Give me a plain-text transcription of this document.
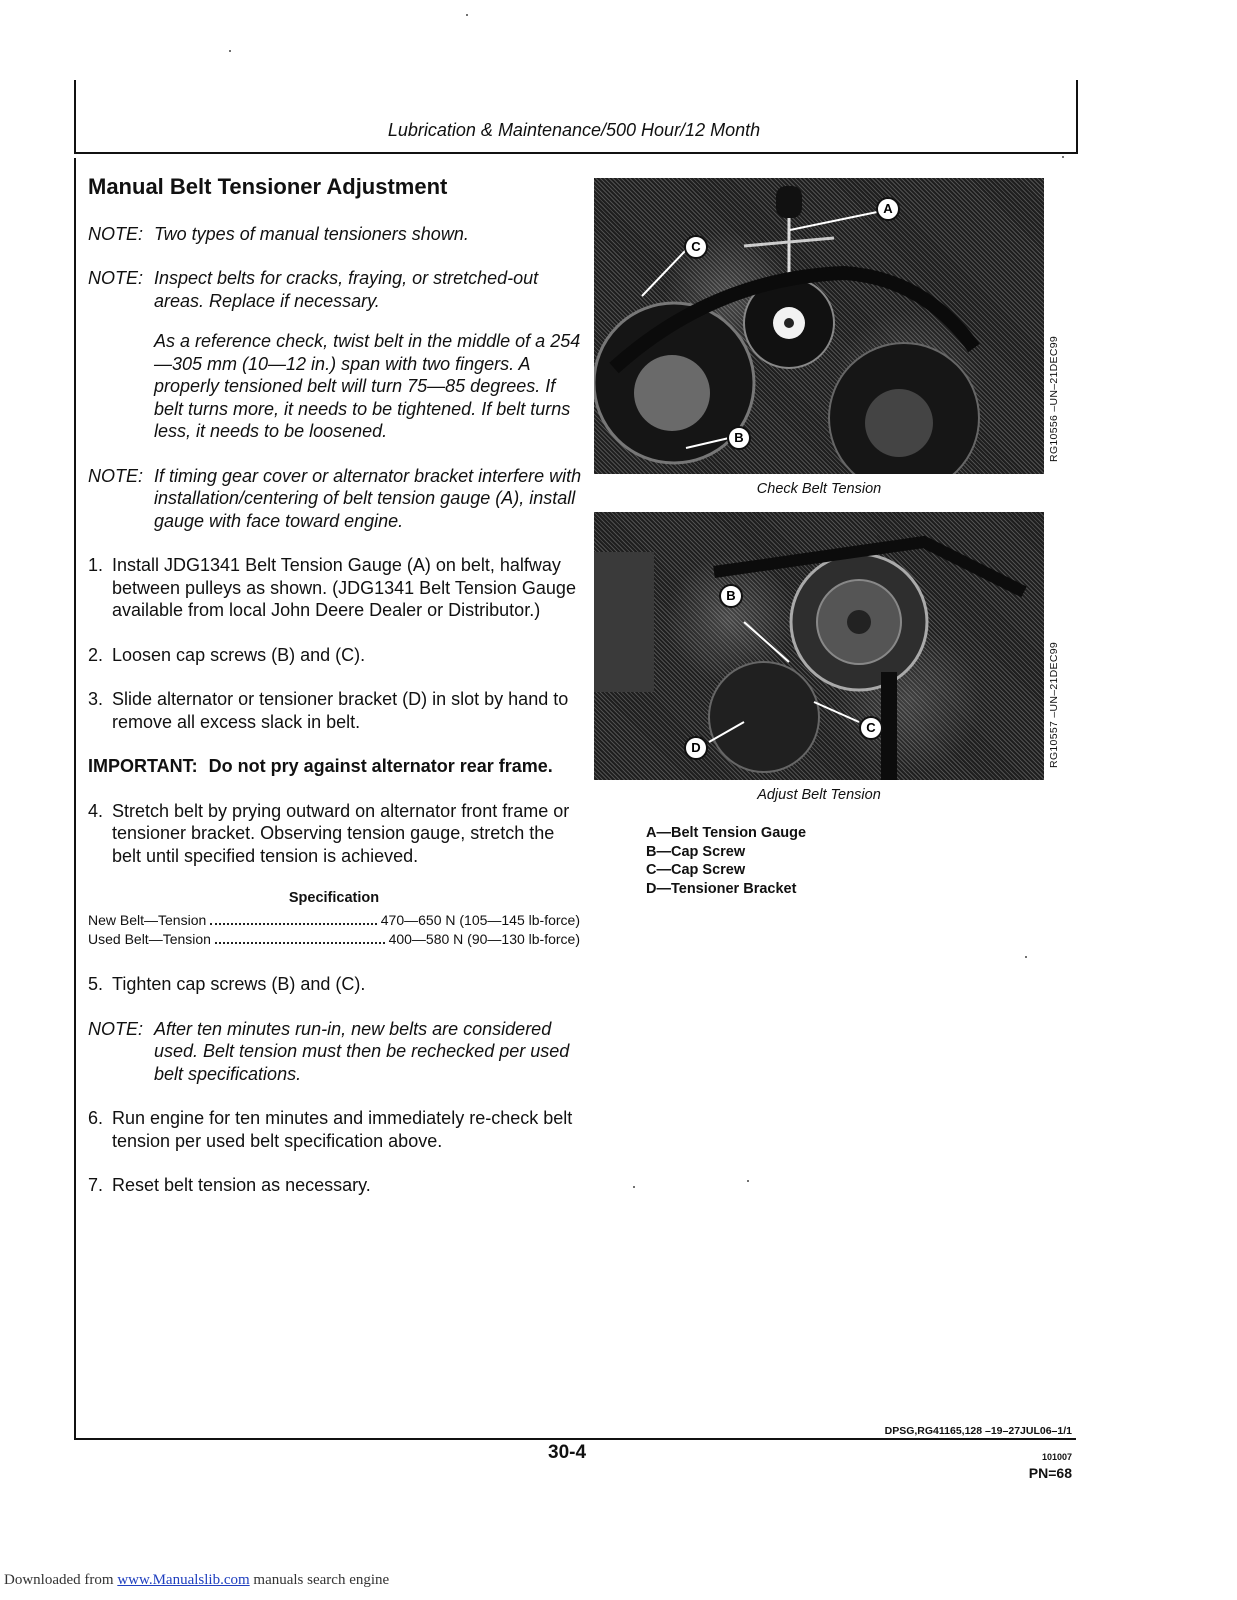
Lubrication & Maintenance/500 Hour/12 Month
Manual Belt Tensioner Adjustment
NOTE: Two types of manual tensioners shown.
NOTE: Inspect belts for cracks, fraying, or stretched-out areas. Replace if necessary.
As a reference check, twist belt in the middle of a 254—305 mm (10—12 in.) span with two fingers. A properly tensioned belt will turn 75—85 degrees. If belt turns more, it needs to be tightened. If belt turns less, it needs to be loosened.
NOTE: If timing gear cover or alternator bracket interfere with installation/centering of belt tension gauge (A), install gauge with face toward engine.
1. Install JDG1341 Belt Tension Gauge (A) on belt, halfway between pulleys as shown. (JDG1341 Belt Tension Gauge available from local John Deere Dealer or Distributor.)
2. Loosen cap screws (B) and (C).
3. Slide alternator or tensioner bracket (D) in slot by hand to remove all excess slack in belt.
IMPORTANT: Do not pry against alternator rear frame.
4. Stretch belt by prying outward on alternator front frame or tensioner bracket. Observing tension gauge, stretch the belt until specified tension is achieved.
Specification
New Belt—Tension	470—650 N (105—145 lb-force)
Used Belt—Tension	400—580 N (90—130 lb-force)
5. Tighten cap screws (B) and (C).
NOTE: After ten minutes run-in, new belts are considered used. Belt tension must then be rechecked per used belt specifications.
6. Run engine for ten minutes and immediately re-check belt tension per used belt specification above.
7. Reset belt tension as necessary.
A
C
B	RG10556 –UN–21DEC99
Check Belt Tension
B
C
D	RG10557 –UN–21DEC99
Adjust Belt Tension
A—Belt Tension Gauge
B—Cap Screw
C—Cap Screw
D—Tensioner Bracket
DPSG,RG41165,128 –19–27JUL06–1/1
30-4	101007
PN=68
Downloaded from www.Manualslib.com manuals search engine
